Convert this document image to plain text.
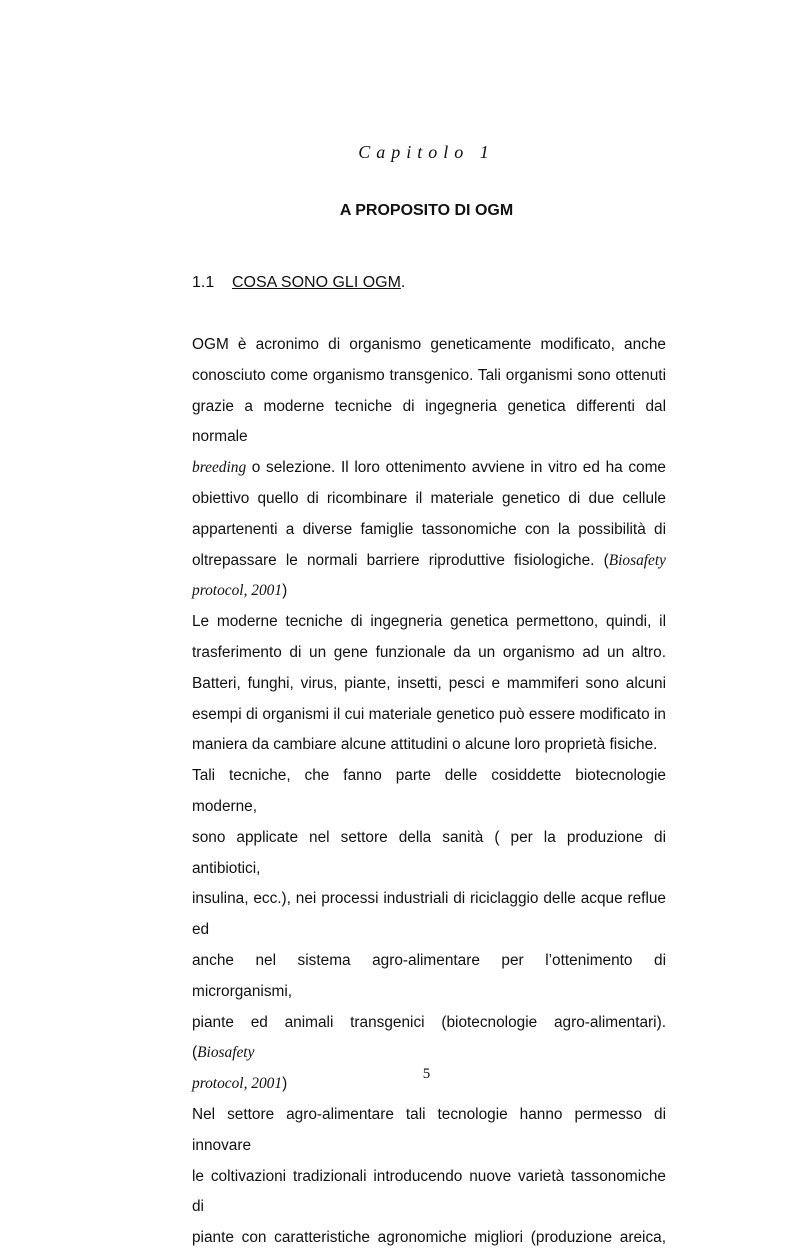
Capitolo 1
A PROPOSITO DI OGM
1.1 COSA SONO GLI OGM.
OGM è acronimo di organismo geneticamente modificato, anche
conosciuto come organismo transgenico. Tali organismi sono ottenuti
grazie a moderne tecniche di ingegneria genetica differenti dal normale
breeding o selezione. Il loro ottenimento avviene in vitro ed ha come
obiettivo quello di ricombinare il materiale genetico di due cellule
appartenenti a diverse famiglie tassonomiche con la possibilità di
oltrepassare le normali barriere riproduttive fisiologiche. (Biosafety
protocol, 2001)
Le moderne tecniche di ingegneria genetica permettono, quindi, il
trasferimento di un gene funzionale da un organismo ad un altro.
Batteri, funghi, virus, piante, insetti, pesci e mammiferi sono alcuni
esempi di organismi il cui materiale genetico può essere modificato in
maniera da cambiare alcune attitudini o alcune loro proprietà fisiche.
Tali tecniche, che fanno parte delle cosiddette biotecnologie moderne,
sono applicate nel settore della sanità ( per la produzione di antibiotici,
insulina, ecc.), nei processi industriali di riciclaggio delle acque reflue ed
anche nel sistema agro-alimentare per l’ottenimento di microrganismi,
piante ed animali transgenici (biotecnologie agro-alimentari). (Biosafety
protocol, 2001)
Nel settore agro-alimentare tali tecnologie hanno permesso di innovare
le coltivazioni tradizionali introducendo nuove varietà tassonomiche di
piante con caratteristiche agronomiche migliori (produzione areica,
5
